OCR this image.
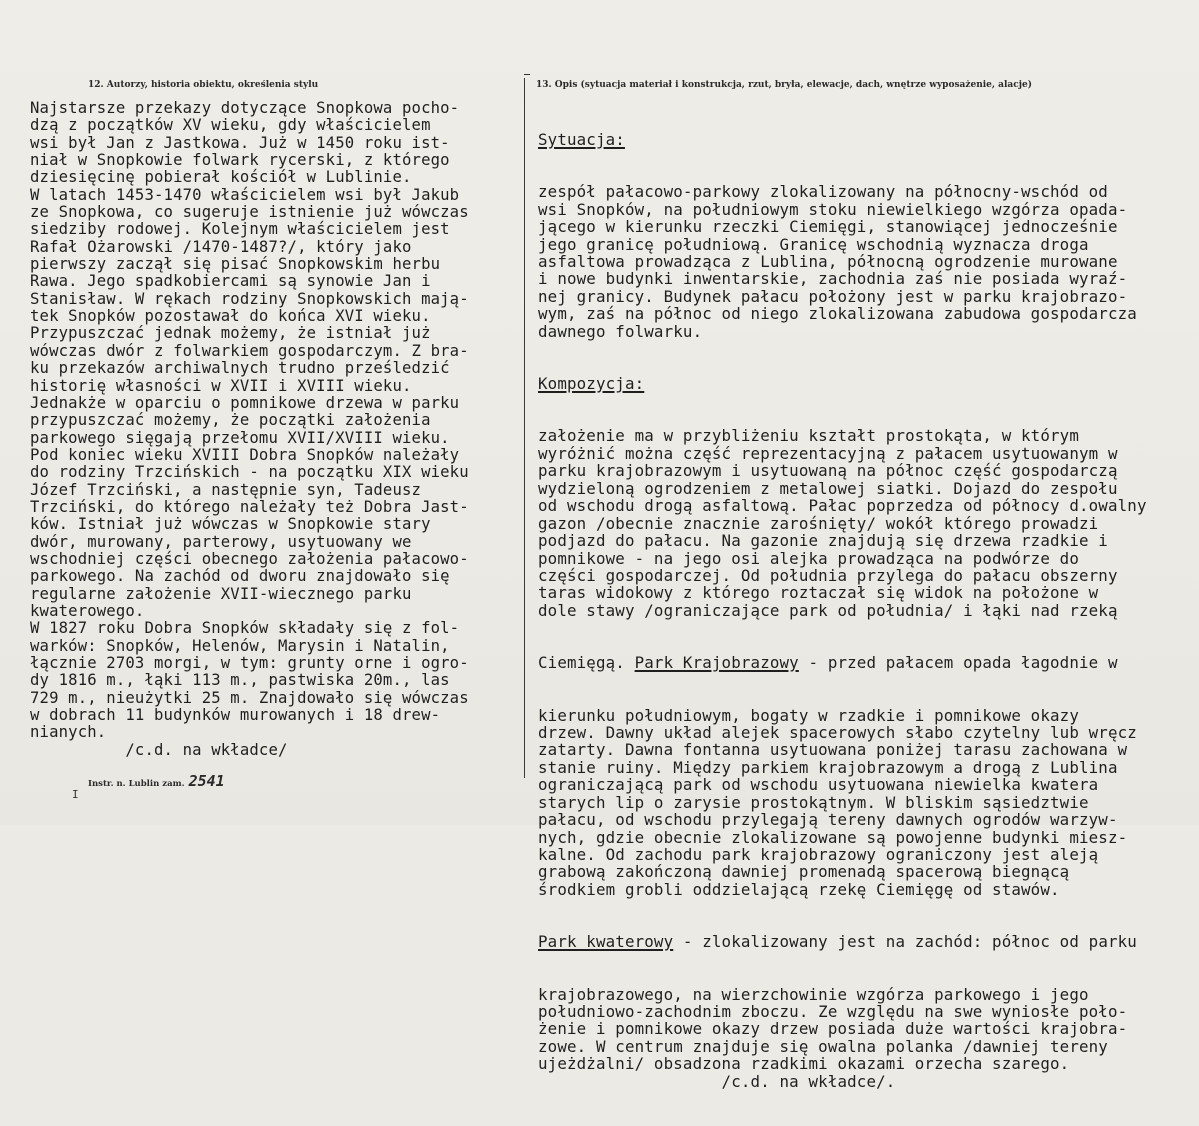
12. Autorzy, historia obiektu, określenia stylu	13. Opis (sytuacja materiał i konstrukcja, rzut, bryła, elewacje, dach, wnętrze wyposażenie, alacje)
Najstarsze przekazy dotyczące Snopkowa pocho-
dzą z początków XV wieku, gdy właścicielem
wsi był Jan z Jastkowa. Już w 1450 roku ist-
niał w Snopkowie folwark rycerski, z którego
dziesięcinę pobierał kościół w Lublinie.
W latach 1453-1470 właścicielem wsi był Jakub
ze Snopkowa, co sugeruje istnienie już wówczas
siedziby rodowej. Kolejnym właścicielem jest
Rafał Ożarowski /1470-1487?/, który jako
pierwszy zaczął się pisać Snopkowskim herbu
Rawa. Jego spadkobiercami są synowie Jan i
Stanisław. W rękach rodziny Snopkowskich mają-
tek Snopków pozostawał do końca XVI wieku.
Przypuszczać jednak możemy, że istniał już
wówczas dwór z folwarkiem gospodarczym. Z bra-
ku przekazów archiwalnych trudno prześledzić
historię własności w XVII i XVIII wieku.
Jednakże w oparciu o pomnikowe drzewa w parku
przypuszczać możemy, że początki założenia
parkowego sięgają przełomu XVII/XVIII wieku.
Pod koniec wieku XVIII Dobra Snopków należały
do rodziny Trzcińskich - na początku XIX wieku
Józef Trzciński, a następnie syn, Tadeusz
Trzciński, do którego należały też Dobra Jast-
ków. Istniał już wówczas w Snopkowie stary
dwór, murowany, parterowy, usytuowany we
wschodniej części obecnego założenia pałacowo-
parkowego. Na zachód od dworu znajdowało się
regularne założenie XVII-wiecznego parku
kwaterowego.
W 1827 roku Dobra Snopków składały się z fol-
warków: Snopków, Helenów, Marysin i Natalin,
łącznie 2703 morgi, w tym: grunty orne i ogro-
dy 1816 m., łąki 113 m., pastwiska 20m., las
729 m., nieużytki 25 m. Znajdowało się wówczas
w dobrach 11 budynków murowanych i 18 drew-
nianych.
/c.d. na wkładce/

Sytuacja:

zespół pałacowo-parkowy zlokalizowany na północny-wschód od
wsi Snopków, na południowym stoku niewielkiego wzgórza opada-
jącego w kierunku rzeczki Ciemięgi, stanowiącej jednocześnie
jego granicę południową. Granicę wschodnią wyznacza droga
asfaltowa prowadząca z Lublina, północną ogrodzenie murowane
i nowe budynki inwentarskie, zachodnia zaś nie posiada wyraź-
nej granicy. Budynek pałacu położony jest w parku krajobrazo-
wym, zaś na północ od niego zlokalizowana zabudowa gospodarcza
dawnego folwarku.

Kompozycja:

założenie ma w przybliżeniu kształt prostokąta, w którym
wyróżnić można część reprezentacyjną z pałacem usytuowanym w
parku krajobrazowym i usytuowaną na północ część gospodarczą
wydzieloną ogrodzeniem z metalowej siatki. Dojazd do zespołu
od wschodu drogą asfaltową. Pałac poprzedza od północy d.owalny
gazon /obecnie znacznie zarośnięty/ wokół którego prowadzi
podjazd do pałacu. Na gazonie znajdują się drzewa rzadkie i
pomnikowe - na jego osi alejka prowadząca na podwórze do
części gospodarczej. Od południa przylega do pałacu obszerny
taras widokowy z którego roztaczał się widok na położone w
dole stawy /ograniczające park od południa/ i łąki nad rzeką

Ciemięgą. Park Krajobrazowy - przed pałacem opada łagodnie w

kierunku południowym, bogaty w rzadkie i pomnikowe okazy
drzew. Dawny układ alejek spacerowych słabo czytelny lub wręcz
zatarty. Dawna fontanna usytuowana poniżej tarasu zachowana w
stanie ruiny. Między parkiem krajobrazowym a drogą z Lublina
ograniczającą park od wschodu usytuowana niewielka kwatera
starych lip o zarysie prostokątnym. W bliskim sąsiedztwie
pałacu, od wschodu przylegają tereny dawnych ogrodów warzyw-
nych, gdzie obecnie zlokalizowane są powojenne budynki miesz-
kalne. Od zachodu park krajobrazowy ograniczony jest aleją
grabową zakończoną dawniej promenadą spacerową biegnącą
środkiem grobli oddzielającą rzekę Ciemięgę od stawów.

Park kwaterowy - zlokalizowany jest na zachód: północ od parku

krajobrazowego, na wierzchowinie wzgórza parkowego i jego
południowo-zachodnim zboczu. Ze względu na swe wyniosłe poło-
żenie i pomnikowe okazy drzew posiada duże wartości krajobra-
zowe. W centrum znajduje się owalna polanka /dawniej tereny
ujeżdżalni/ obsadzona rzadkimi okazami orzecha szarego.
/c.d. na wkładce/.

Instr. n. Lublin zam. 2541
I
